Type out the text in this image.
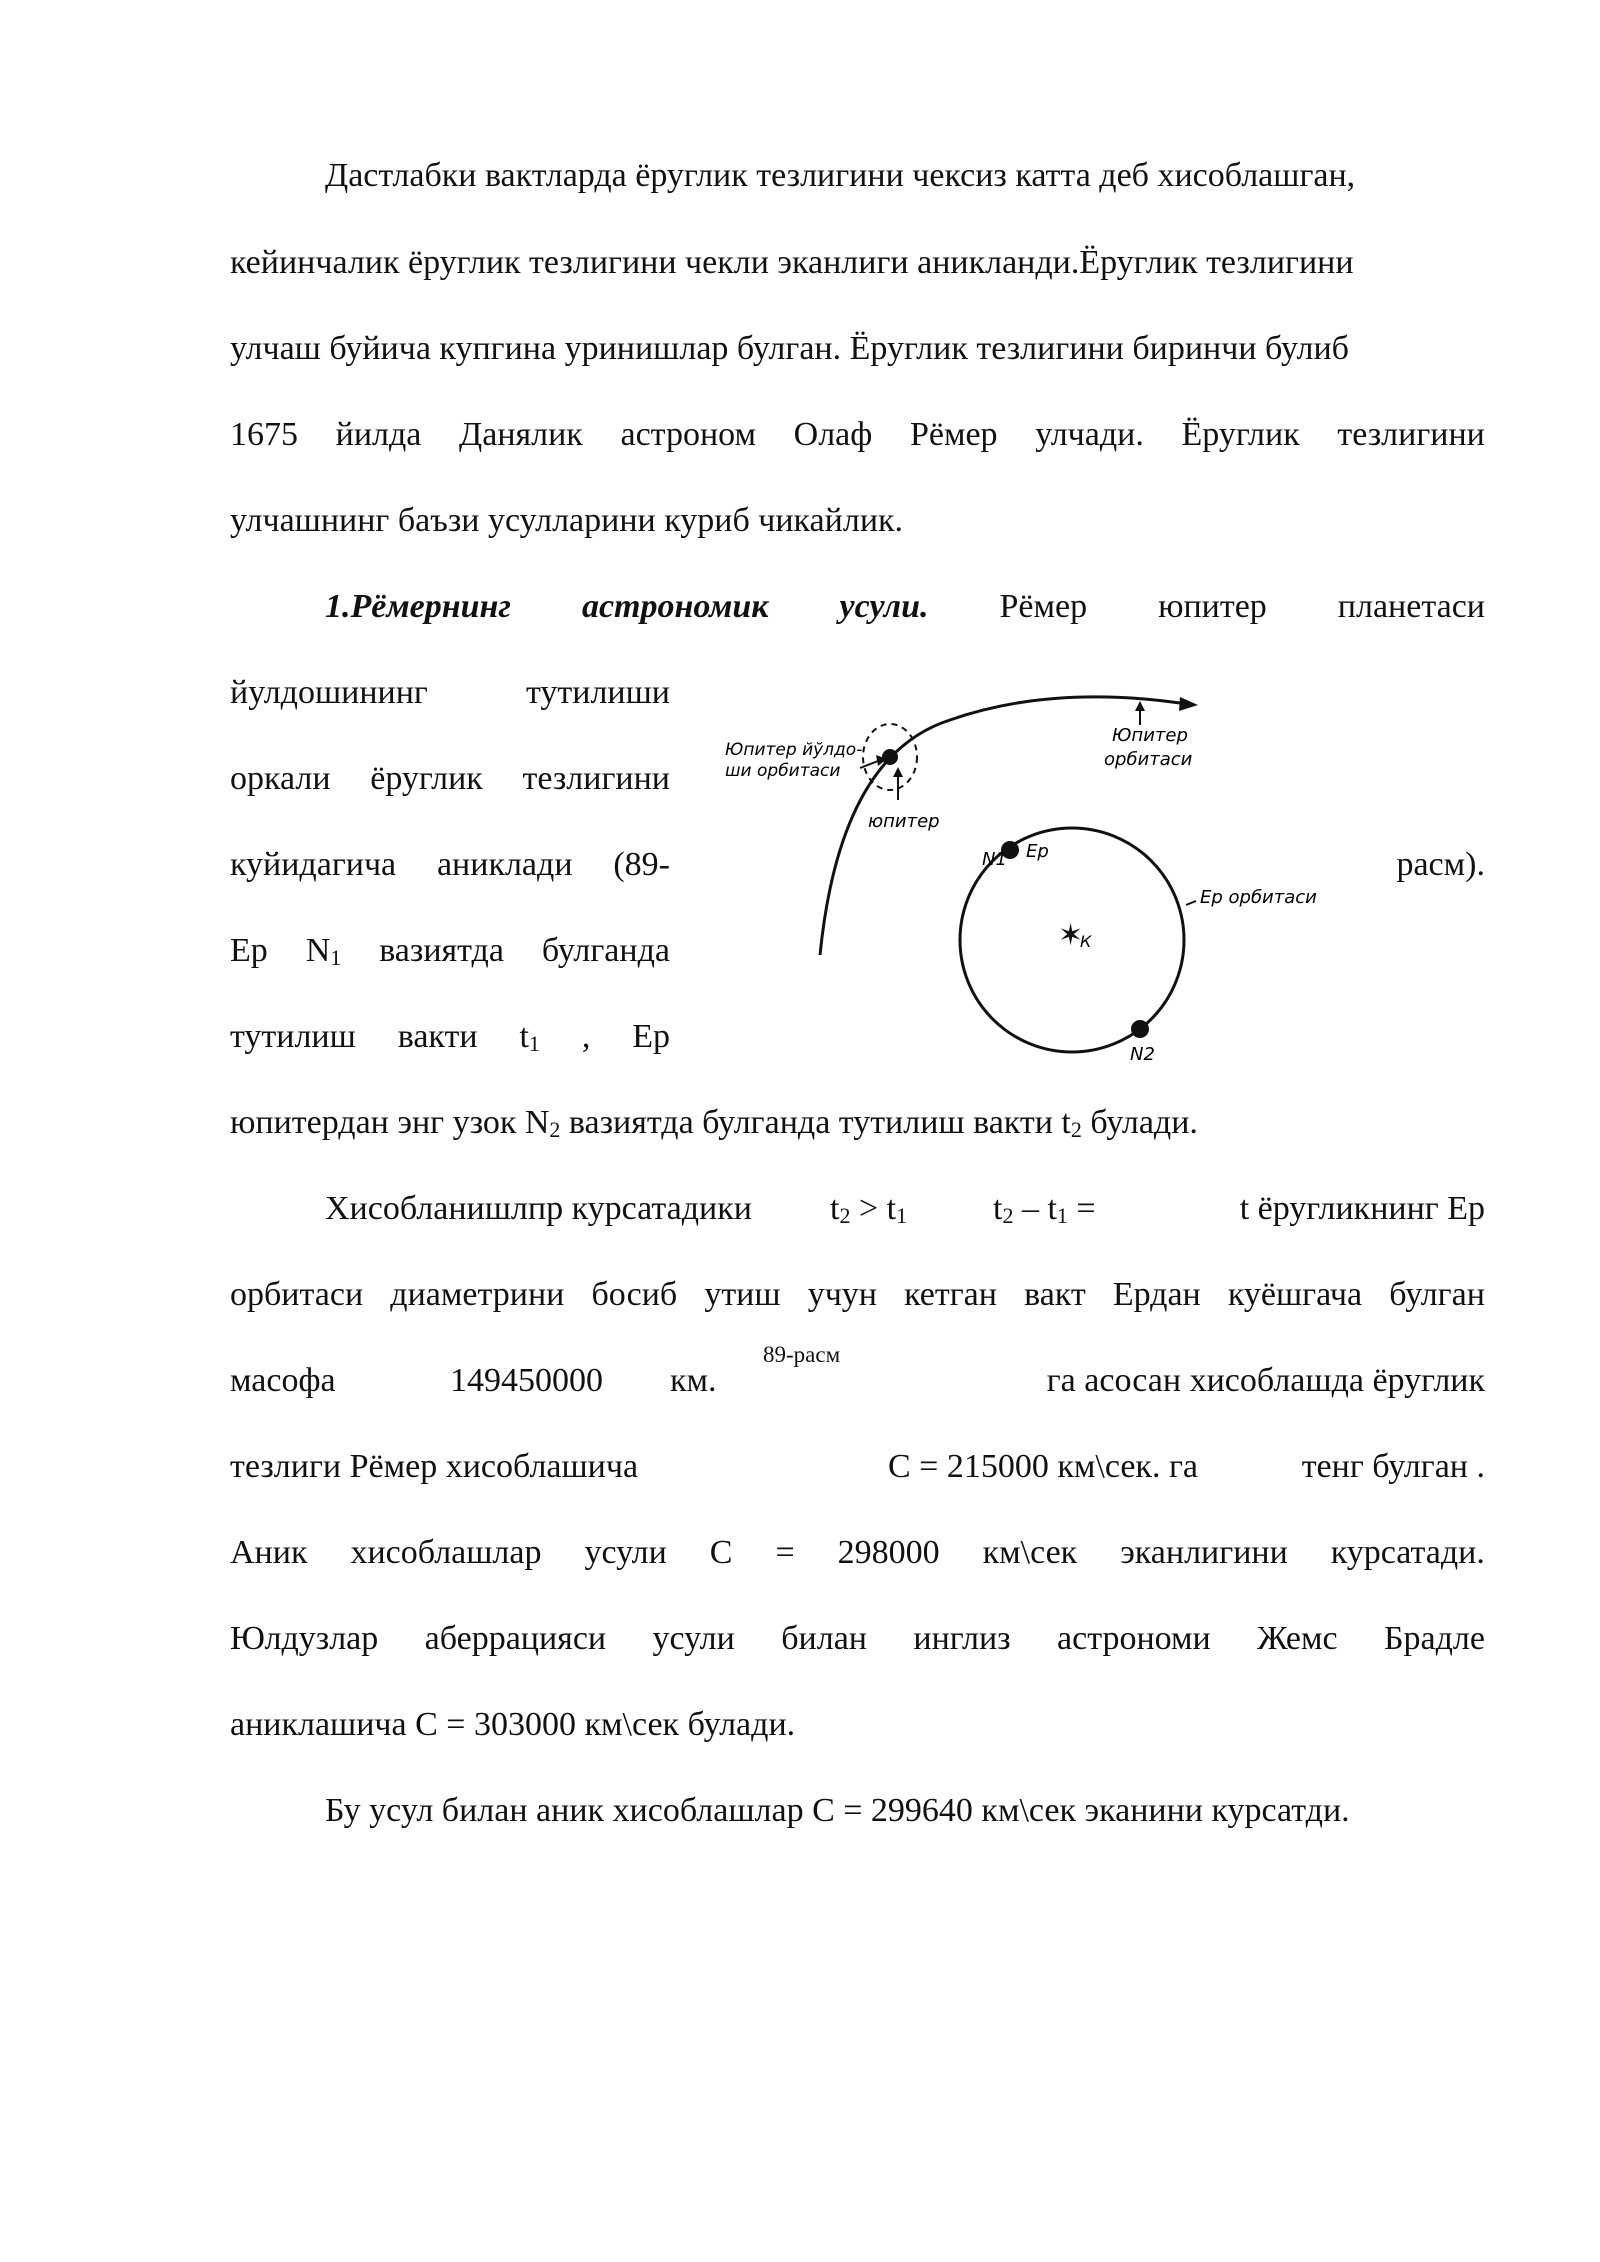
Дастлабки вактларда ёруглик тезлигини чексиз катта деб хисоблашган,
кейинчалик ёруглик тезлигини чекли эканлиги аникланди.Ёруглик тезлигини
улчаш буйича купгина уринишлар булган. Ёруглик тезлигини биринчи булиб
1675 йилда Данялик астроном Олаф Рёмер улчади. Ёруглик тезлигини
улчашнинг баъзи усулларини куриб чикайлик.
1.Рёмернинг астрономик усули. Рёмер юпитер планетаси
йулдошининг	тутилиши
оркали ёруглик тезлигини
куйидагича аниклади (89-	расм).
Ер $N_1$ вазиятда булганда
тутилиш вакти $t_1$ , Ер
юпитердан энг узок $N_2$ вазиятда булганда тутилиш вакти $t_2$ булади.
Хисобланишлпр курсатадики $t_2 > t_1$	$t_2 - t_1$ =	t ёругликнинг Ер
орбитаси диаметрини босиб утиш учун кетган вакт Ердан куёшгача булган
масофа	149450000 км.	га асосан хисоблашда ёруглик
89-расм
тезлиги Рёмер хисоблашича	С = 215000 км\сек. га	тенг булган .
Аник хисоблашлар усули С = 298000 км\сек эканлигини курсатади.
Юлдузлар аберрацияси усули билан инглиз астрономи Жемс Брадле
аниклашича С = 303000 км\сек булади.
Бу усул билан аник хисоблашлар С = 299640 км\сек эканини курсатди.
✶
Юпитер йўлдо-
ши орбитаси
Юпитер
орбитаси
юпитер
N1 Ер
Ер орбитаси
К
N2
